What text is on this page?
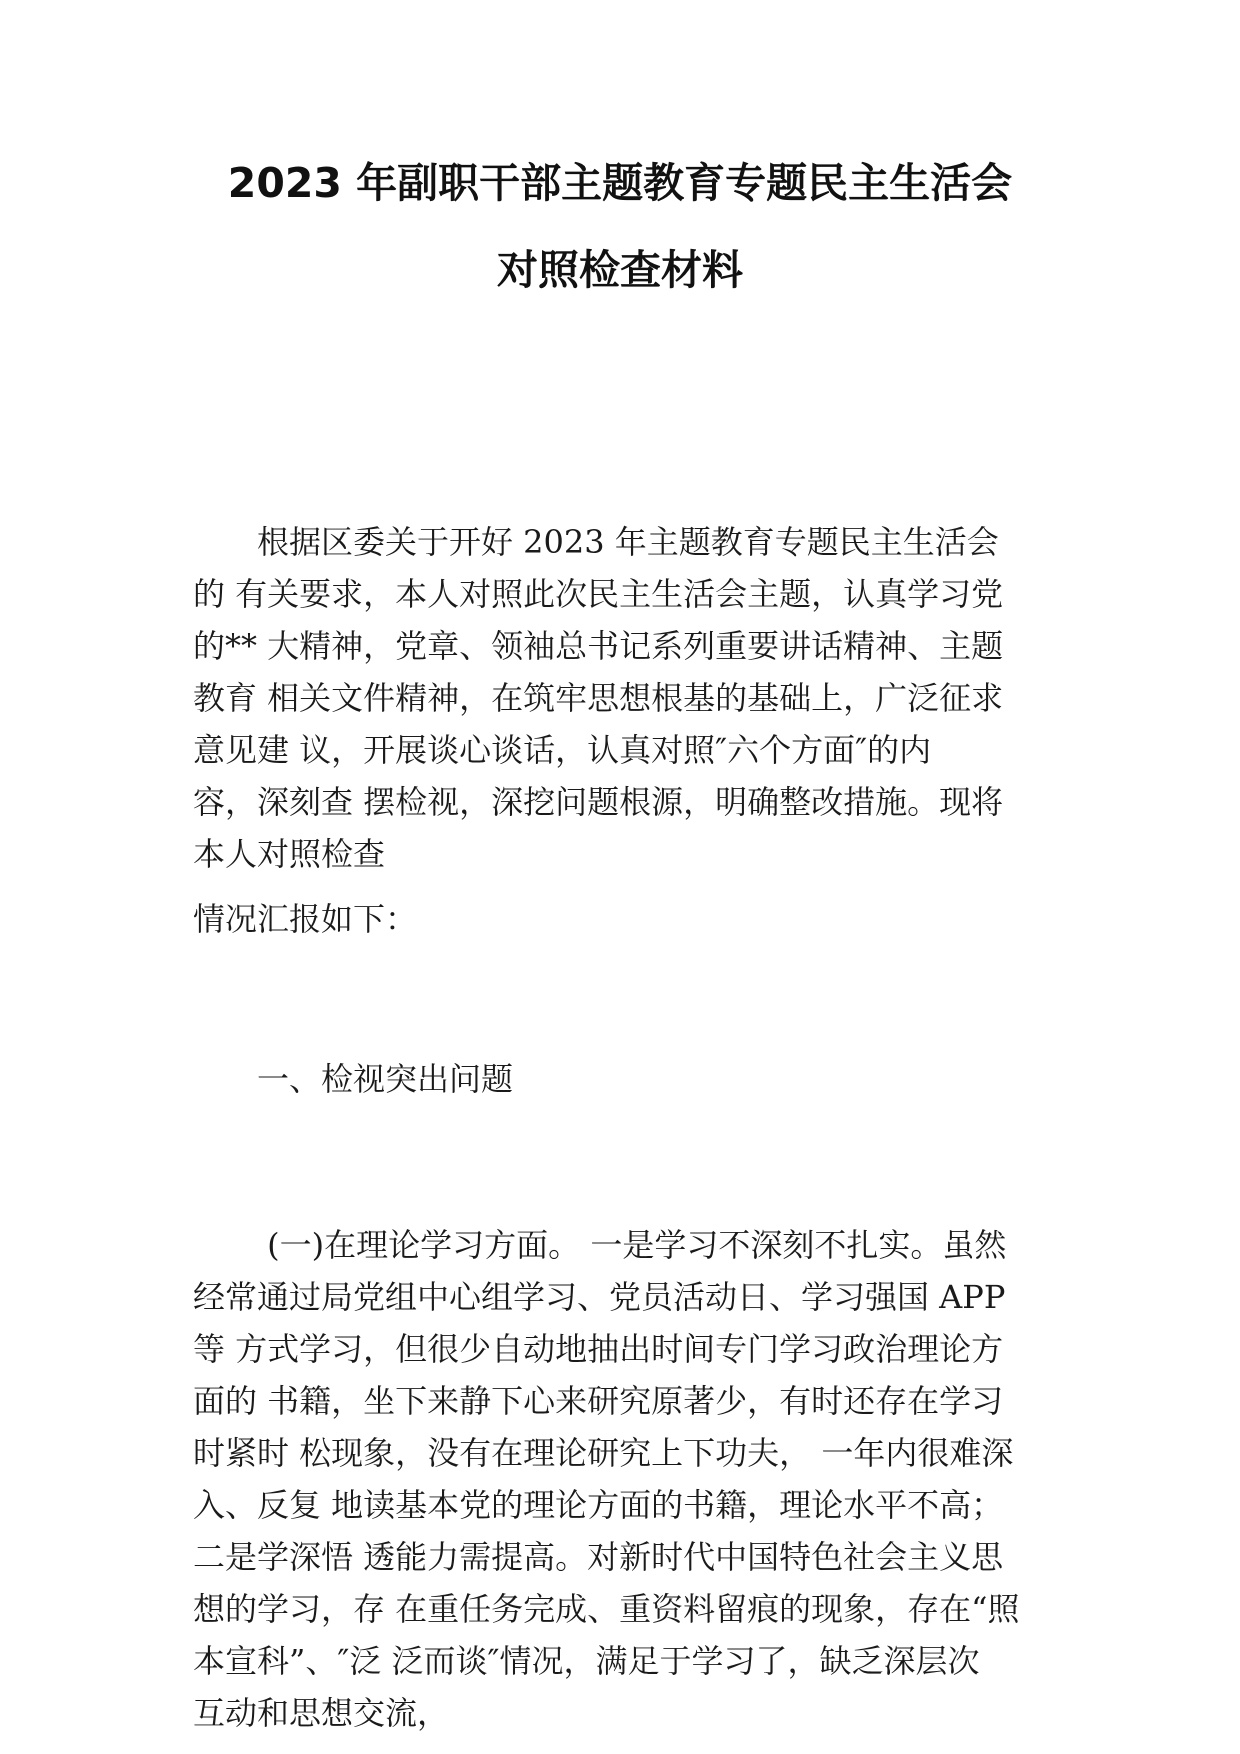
2023 年副职干部主题教育专题民主生活会
对照检查材料
　　根据区委关于开好 2023 年主题教育专题民主生活会
的 有关要求，本人对照此次民主生活会主题，认真学习党
的** 大精神，党章、领袖总书记系列重要讲话精神、主题
教育 相关文件精神，在筑牢思想根基的基础上，广泛征求
意见建 议，开展谈心谈话，认真对照″六个方面″的内
容，深刻查 摆检视，深挖问题根源，明确整改措施。现将
本人对照检查
情况汇报如下：
　　一、检视突出问题
　　 (一)在理论学习方面。 一是学习不深刻不扎实。虽然
经常通过局党组中心组学习、党员活动日、学习强国 APP
等 方式学习，但很少自动地抽出时间专门学习政治理论方
面的 书籍，坐下来静下心来研究原著少，有时还存在学习
时紧时 松现象，没有在理论研究上下功夫， 一年内很难深
入、反复 地读基本党的理论方面的书籍，理论水平不高；
二是学深悟 透能力需提高。对新时代中国特色社会主义思
想的学习，存 在重任务完成、重资料留痕的现象，存在“照
本宣科”、″泛 泛而谈″情况，满足于学习了，缺乏深层次
互动和思想交流，
